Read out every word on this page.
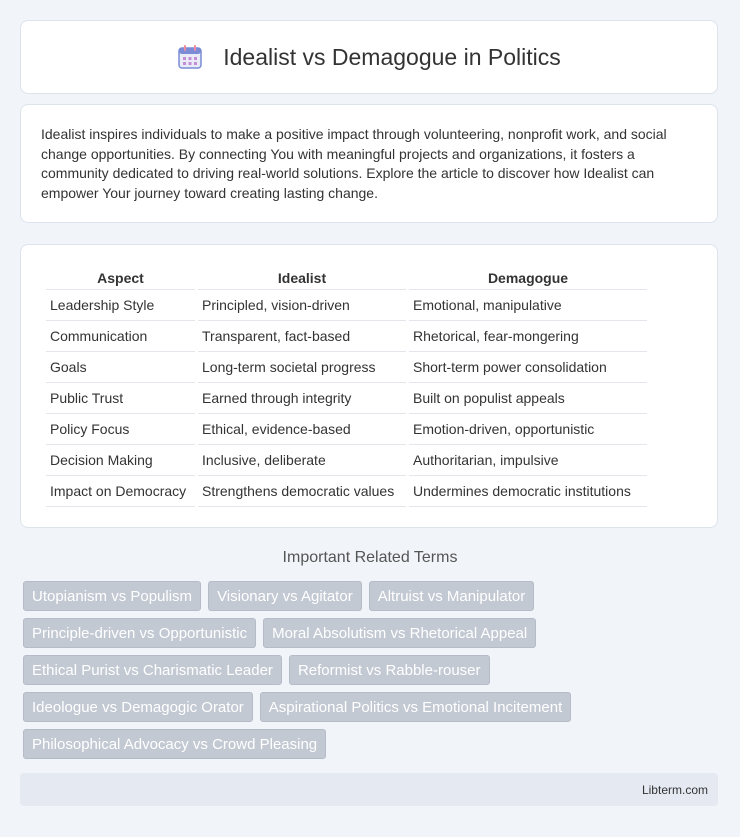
Idealist vs Demagogue in Politics

Idealist inspires individuals to make a positive impact through volunteering, nonprofit work, and social change opportunities. By connecting You with meaningful projects and organizations, it fosters a community dedicated to driving real-world solutions. Explore the article to discover how Idealist can empower Your journey toward creating lasting change.

Aspect	Idealist	Demagogue
Leadership Style	Principled, vision-driven	Emotional, manipulative
Communication	Transparent, fact-based	Rhetorical, fear-mongering
Goals	Long-term societal progress	Short-term power consolidation
Public Trust	Earned through integrity	Built on populist appeals
Policy Focus	Ethical, evidence-based	Emotion-driven, opportunistic
Decision Making	Inclusive, deliberate	Authoritarian, impulsive
Impact on Democracy	Strengthens democratic values	Undermines democratic institutions
Important Related Terms
Utopianism vs Populism	Visionary vs Agitator	Altruist vs Manipulator
Principle-driven vs Opportunistic	Moral Absolutism vs Rhetorical Appeal
Ethical Purist vs Charismatic Leader	Reformist vs Rabble-rouser
Ideologue vs Demagogic Orator	Aspirational Politics vs Emotional Incitement
Philosophical Advocacy vs Crowd Pleasing
Libterm.com
